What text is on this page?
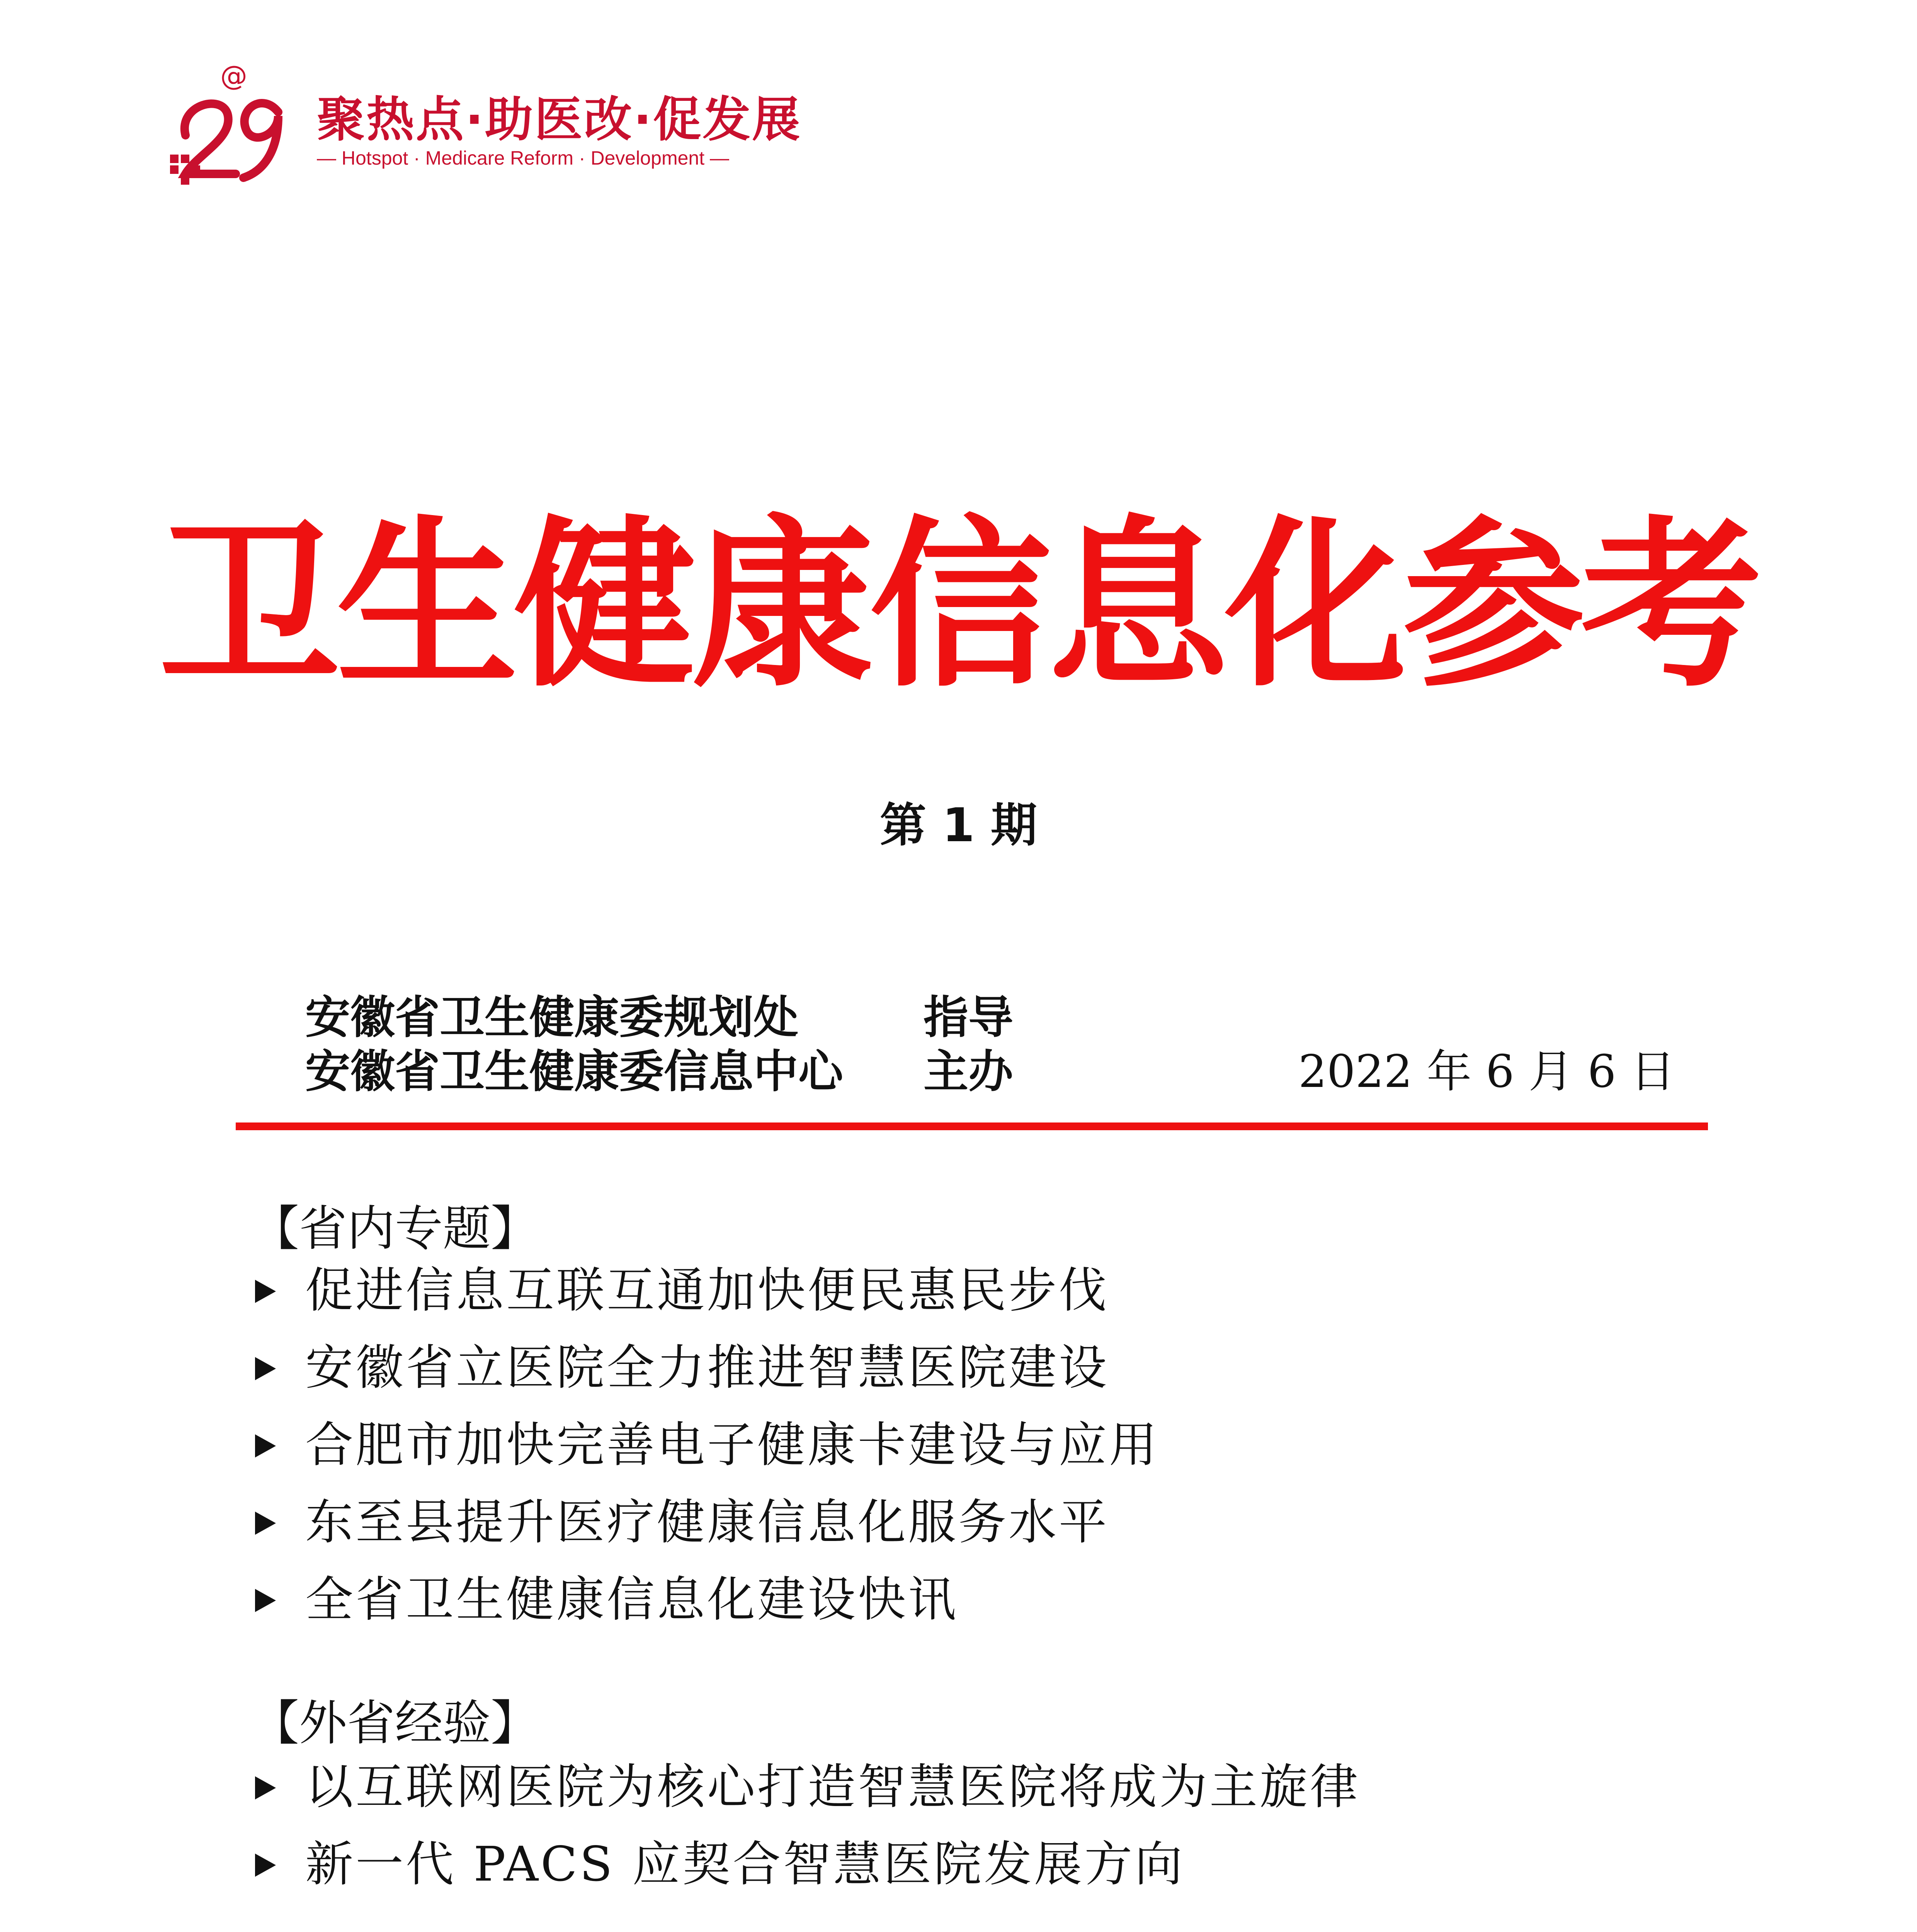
@
聚热点·助医改·促发展
— Hotspot · Medicare Reform · Development —
卫生健康信息化参考
第 1 期
安徽省卫生健康委规划处	指导
安徽省卫生健康委信息中心 主办	2022 年 6 月 6 日
【省内专题】
促进信息互联互通加快便民惠民步伐
安徽省立医院全力推进智慧医院建设
合肥市加快完善电子健康卡建设与应用
东至县提升医疗健康信息化服务水平
全省卫生健康信息化建设快讯
【外省经验】
以互联网医院为核心打造智慧医院将成为主旋律
新一代 PACS 应契合智慧医院发展方向
